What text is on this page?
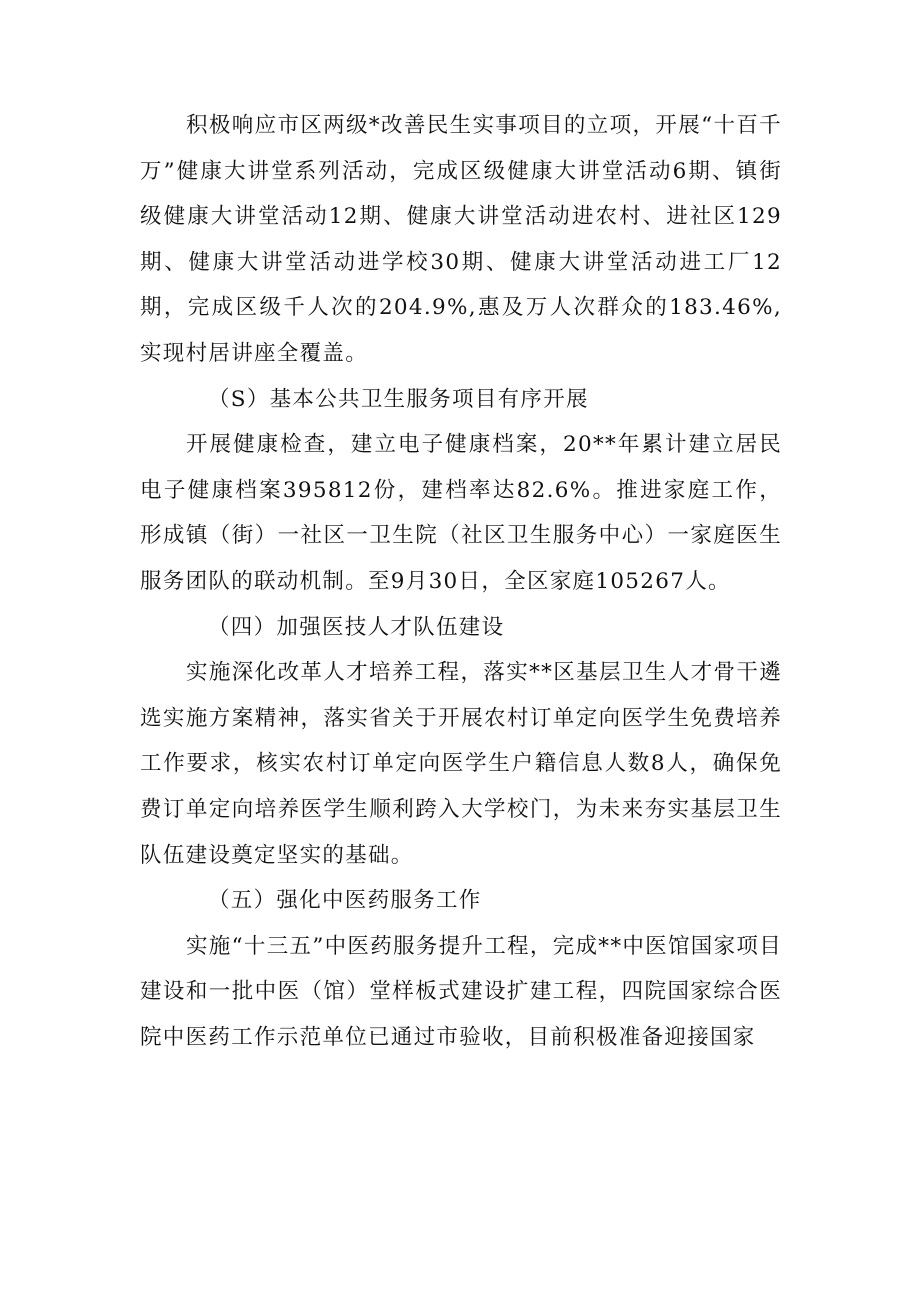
积极响应市区两级*改善民生实事项目的立项，开展“十百千万”健康大讲堂系列活动，完成区级健康大讲堂活动6期、镇街级健康大讲堂活动12期、健康大讲堂活动进农村、进社区129期、健康大讲堂活动进学校30期、健康大讲堂活动进工厂12期，完成区级千人次的204.9%,惠及万人次群众的183.46%,实现村居讲座全覆盖。

（S）基本公共卫生服务项目有序开展

开展健康检查，建立电子健康档案，20**年累计建立居民电子健康档案395812份，建档率达82.6%。推进家庭工作，形成镇（街）一社区一卫生院（社区卫生服务中心）一家庭医生服务团队的联动机制。至9月30日，全区家庭105267人。

（四）加强医技人才队伍建设

实施深化改革人才培养工程，落实**区基层卫生人才骨干遴选实施方案精神，落实省关于开展农村订单定向医学生免费培养工作要求，核实农村订单定向医学生户籍信息人数8人，确保免费订单定向培养医学生顺利跨入大学校门，为未来夯实基层卫生队伍建设奠定坚实的基础。

（五）强化中医药服务工作

实施“十三五”中医药服务提升工程，完成**中医馆国家项目建设和一批中医（馆）堂样板式建设扩建工程，四院国家综合医院中医药工作示范单位已通过市验收，目前积极准备迎接国家
